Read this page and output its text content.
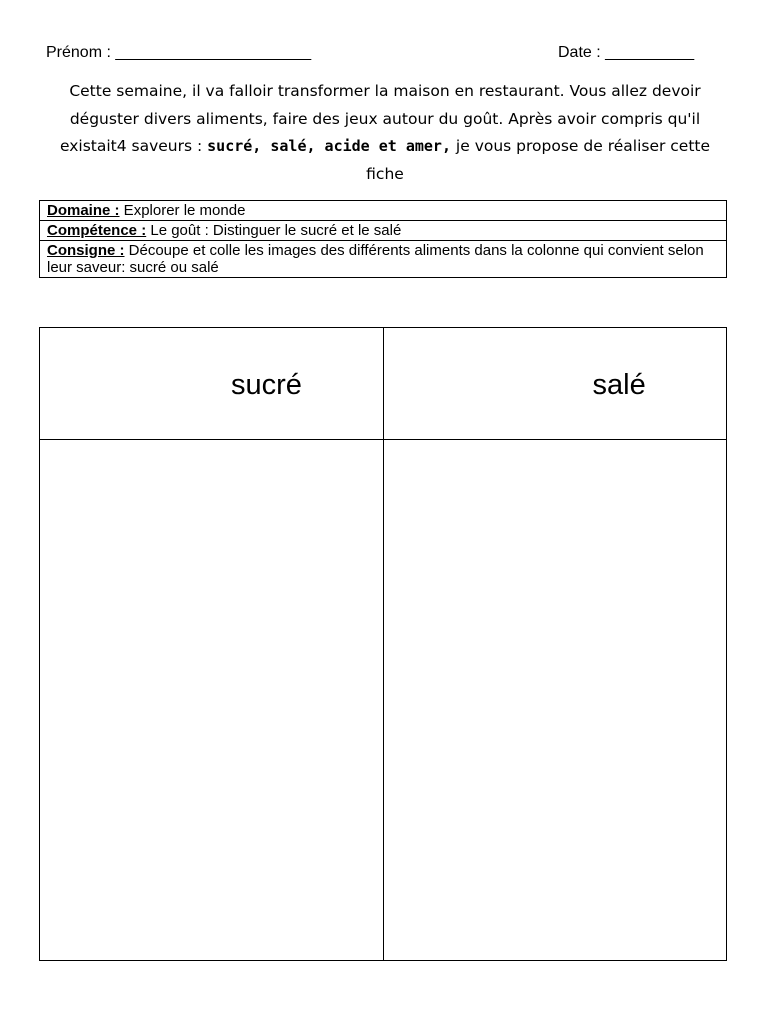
Prénom : ______________________	Date : __________
Cette semaine, il va falloir transformer la maison en restaurant. Vous allez devoir déguster divers aliments, faire des jeux autour du goût. Après avoir compris qu'il existait4 saveurs : sucré, salé, acide et amer, je vous propose de réaliser cette fiche
Domaine : Explorer le monde
Compétence : Le goût : Distinguer le sucré et le salé
Consigne : Découpe et colle les images des différents aliments dans la colonne qui convient selon leur saveur: sucré ou salé
sucré	salé
